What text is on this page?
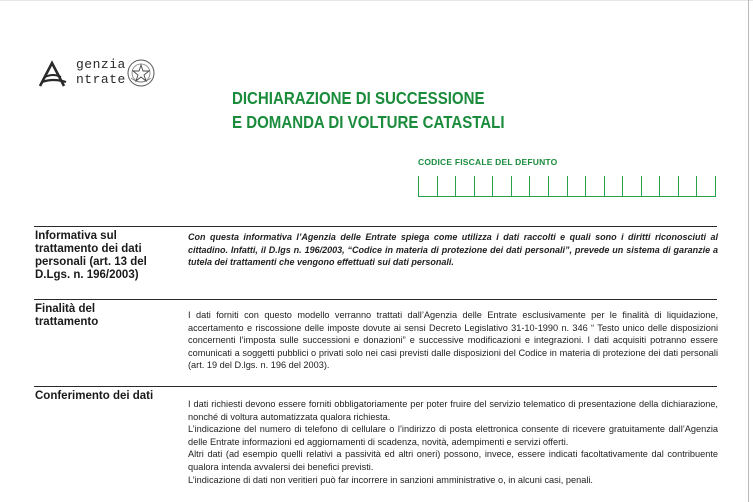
genzia
ntrate
DICHIARAZIONE DI SUCCESSIONE
E DOMANDA DI VOLTURE CATASTALI
CODICE FISCALE DEL DEFUNTO
Informativa sul trattamento dei dati personali (art. 13 del D.Lgs. n. 196/2003)

Con questa informativa l’Agenzia delle Entrate spiega come utilizza i dati raccolti e quali sono i diritti riconosciuti al cittadino. Infatti, il D.lgs n. 196/2003, “Codice in materia di protezione dei dati personali”, prevede un sistema di garanzie a tutela dei trattamenti che vengono effettuati sui dati personali.

Finalità del trattamento

I dati forniti con questo modello verranno trattati dall’Agenzia delle Entrate esclusivamente per le finalità di liquidazione, accertamento e riscossione delle imposte dovute ai sensi Decreto Legislativo 31-10-1990 n. 346 “ Testo unico delle disposizioni concernenti l’imposta sulle successioni e donazioni” e successive modificazioni e integrazioni. I dati acquisiti potranno essere comunicati a soggetti pubblici o privati solo nei casi previsti dalle disposizioni del Codice in materia di protezione dei dati personali (art. 19 del D.lgs. n. 196 del 2003).

Conferimento dei dati

I dati richiesti devono essere forniti obbligatoriamente per poter fruire del servizio telematico di presentazione della dichiarazione, nonché di voltura automatizzata qualora richiesta.

L’indicazione del numero di telefono di cellulare o l’indirizzo di posta elettronica consente di ricevere gratuitamente dall’Agenzia delle Entrate informazioni ed aggiornamenti di scadenza, novità, adempimenti e servizi offerti.

Altri dati (ad esempio quelli relativi a passività ed altri oneri) possono, invece, essere indicati facoltativamente dal contribuente qualora intenda avvalersi dei benefici previsti.

L’indicazione di dati non veritieri può far incorrere in sanzioni amministrative o, in alcuni casi, penali.
